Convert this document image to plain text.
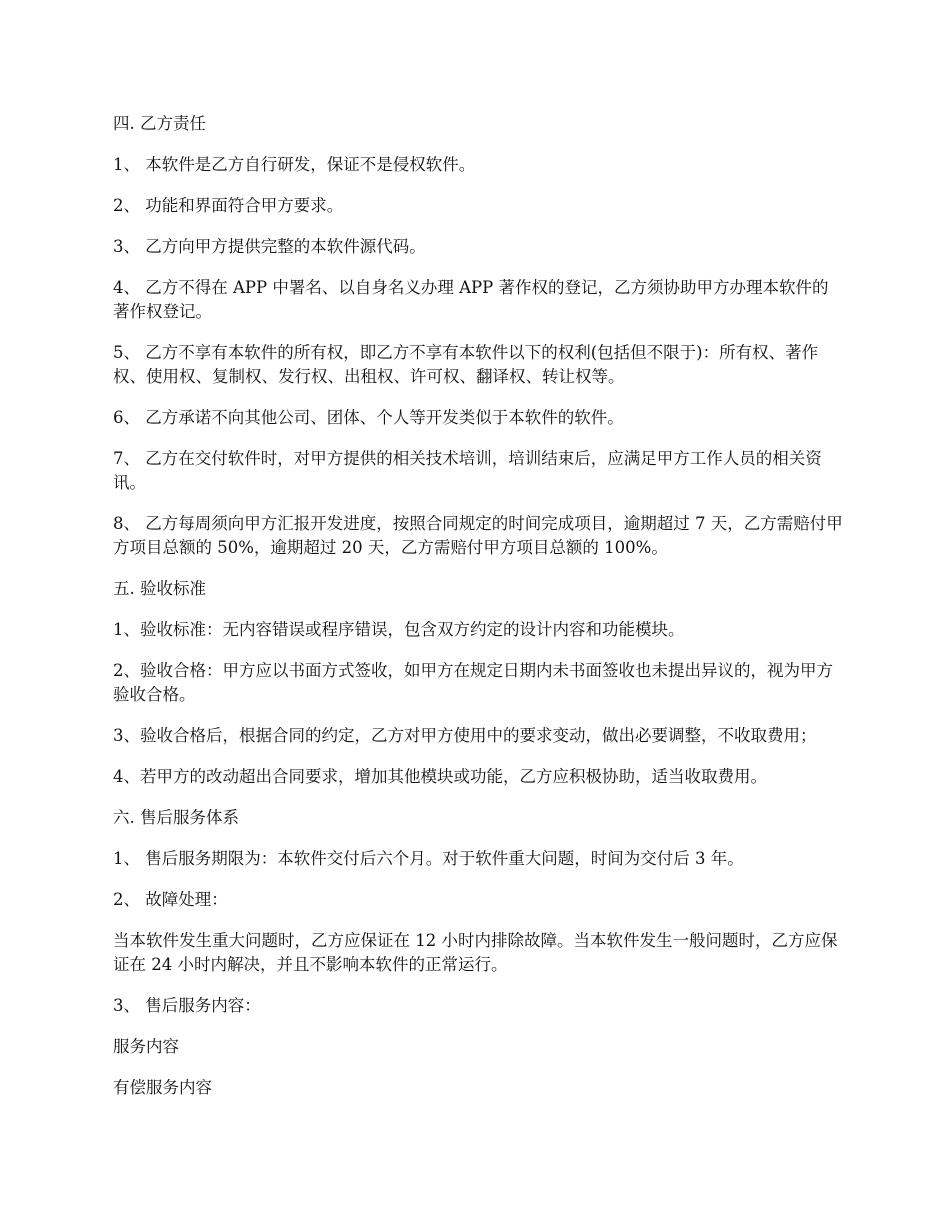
四. 乙方责任

1、 本软件是乙方自行研发，保证不是侵权软件。

2、 功能和界面符合甲方要求。

3、 乙方向甲方提供完整的本软件源代码。

4、 乙方不得在 APP 中署名、以自身名义办理 APP 著作权的登记，乙方须协助甲方办理本软件的著作权登记。

5、 乙方不享有本软件的所有权，即乙方不享有本软件以下的权利(包括但不限于)：所有权、著作权、使用权、复制权、发行权、出租权、许可权、翻译权、转让权等。

6、 乙方承诺不向其他公司、团体、个人等开发类似于本软件的软件。

7、 乙方在交付软件时，对甲方提供的相关技术培训，培训结束后，应满足甲方工作人员的相关资讯。

8、 乙方每周须向甲方汇报开发进度，按照合同规定的时间完成项目，逾期超过 7 天，乙方需赔付甲方项目总额的 50%，逾期超过 20 天，乙方需赔付甲方项目总额的 100%。

五. 验收标准

1、验收标准：无内容错误或程序错误，包含双方约定的设计内容和功能模块。

2、验收合格：甲方应以书面方式签收，如甲方在规定日期内未书面签收也未提出异议的，视为甲方验收合格。

3、验收合格后，根据合同的约定，乙方对甲方使用中的要求变动，做出必要调整，不收取费用；

4、若甲方的改动超出合同要求，增加其他模块或功能，乙方应积极协助，适当收取费用。

六. 售后服务体系

1、 售后服务期限为：本软件交付后六个月。对于软件重大问题，时间为交付后 3 年。

2、 故障处理：

当本软件发生重大问题时，乙方应保证在 12 小时内排除故障。当本软件发生一般问题时，乙方应保证在 24 小时内解决，并且不影响本软件的正常运行。

3、 售后服务内容：

服务内容

有偿服务内容
